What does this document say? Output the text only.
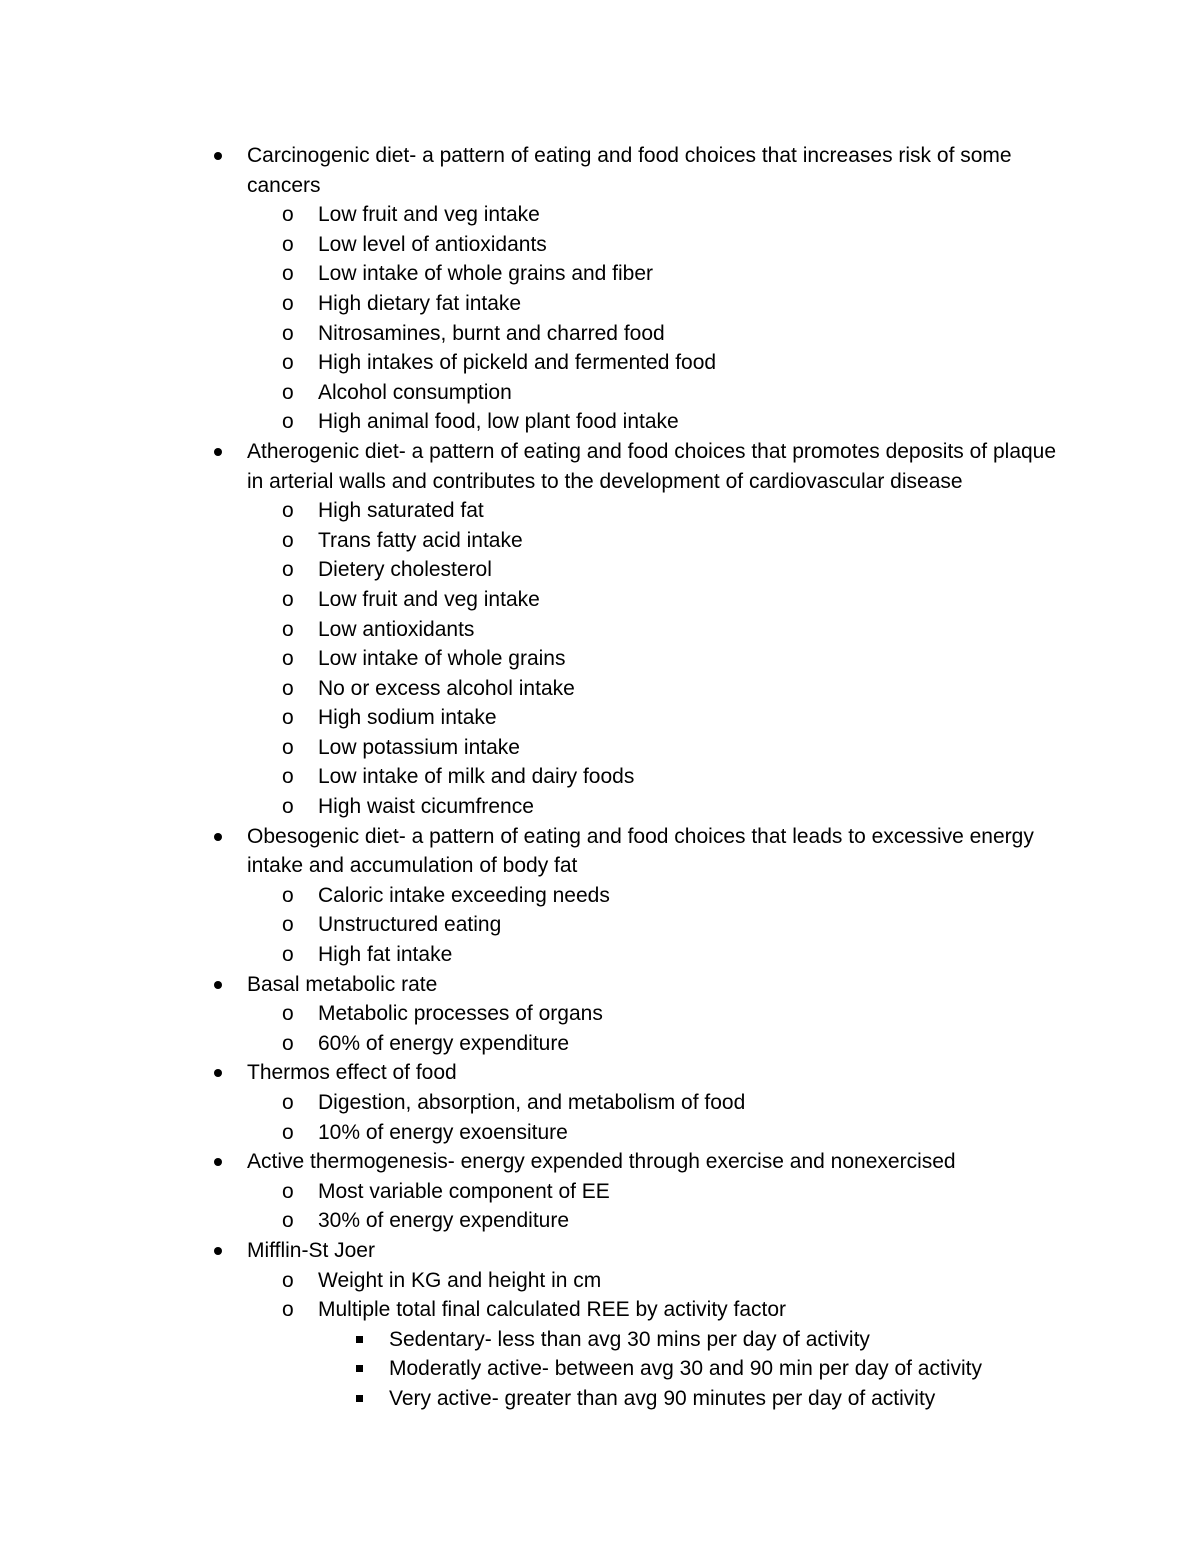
Carcinogenic diet- a pattern of eating and food choices that increases risk of some cancers
o Low fruit and veg intake
o Low level of antioxidants
o Low intake of whole grains and fiber
o High dietary fat intake
o Nitrosamines, burnt and charred food
o High intakes of pickeld and fermented food
o Alcohol consumption
o High animal food, low plant food intake
Atherogenic diet- a pattern of eating and food choices that promotes deposits of plaque in arterial walls and contributes to the development of cardiovascular disease
o High saturated fat
o Trans fatty acid intake
o Dietery cholesterol
o Low fruit and veg intake
o Low antioxidants
o Low intake of whole grains
o No or excess alcohol intake
o High sodium intake
o Low potassium intake
o Low intake of milk and dairy foods
o High waist cicumfrence
Obesogenic diet- a pattern of eating and food choices that leads to excessive energy intake and accumulation of body fat
o Caloric intake exceeding needs
o Unstructured eating
o High fat intake
Basal metabolic rate
o Metabolic processes of organs
o 60% of energy expenditure
Thermos effect of food
o Digestion, absorption, and metabolism of food
o 10% of energy exoensiture
Active thermogenesis- energy expended through exercise and nonexercised
o Most variable component of EE
o 30% of energy expenditure
Mifflin-St Joer
o Weight in KG and height in cm
o Multiple total final calculated REE by activity factor
Sedentary- less than avg 30 mins per day of activity
Moderatly active- between avg 30 and 90 min per day of activity
Very active- greater than avg 90 minutes per day of activity
